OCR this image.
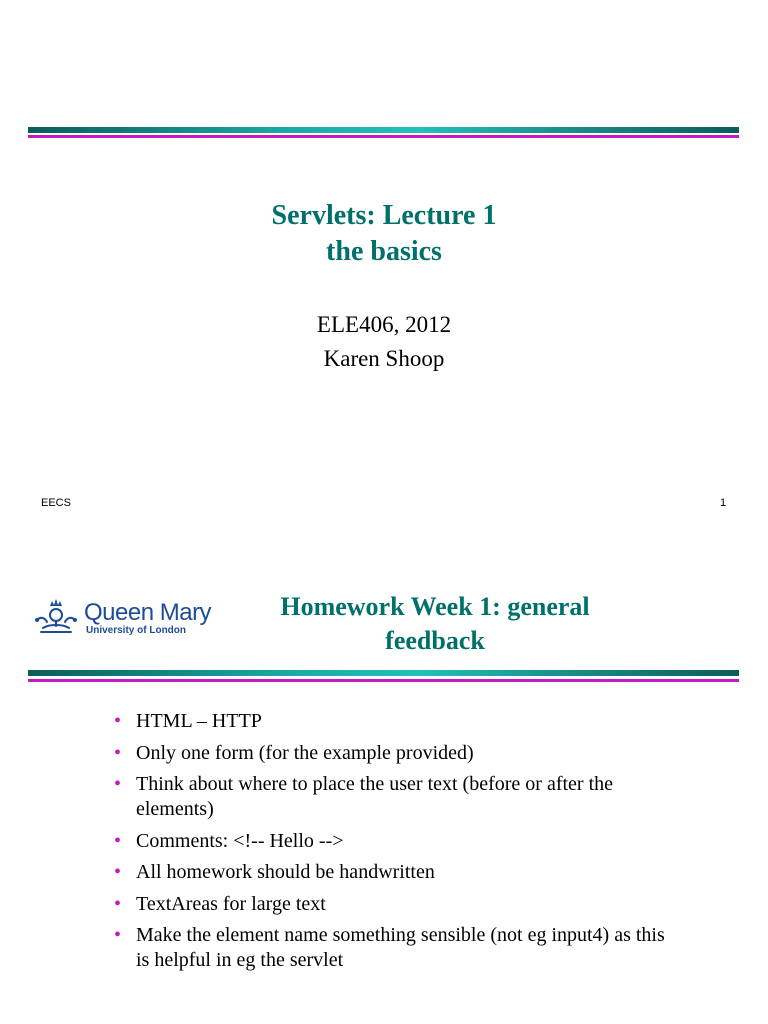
Servlets: Lecture 1
the basics
ELE406, 2012
Karen Shoop
EECS	1
Queen Mary
University of London
Homework Week 1: general
feedback
• HTML – HTTP
• Only one form (for the example provided)
• Think about where to place the user text (before or after the elements)
• Comments: <!-- Hello -->
• All homework should be handwritten
• TextAreas for large text
• Make the element name something sensible (not eg input4) as this is helpful in eg the servlet
